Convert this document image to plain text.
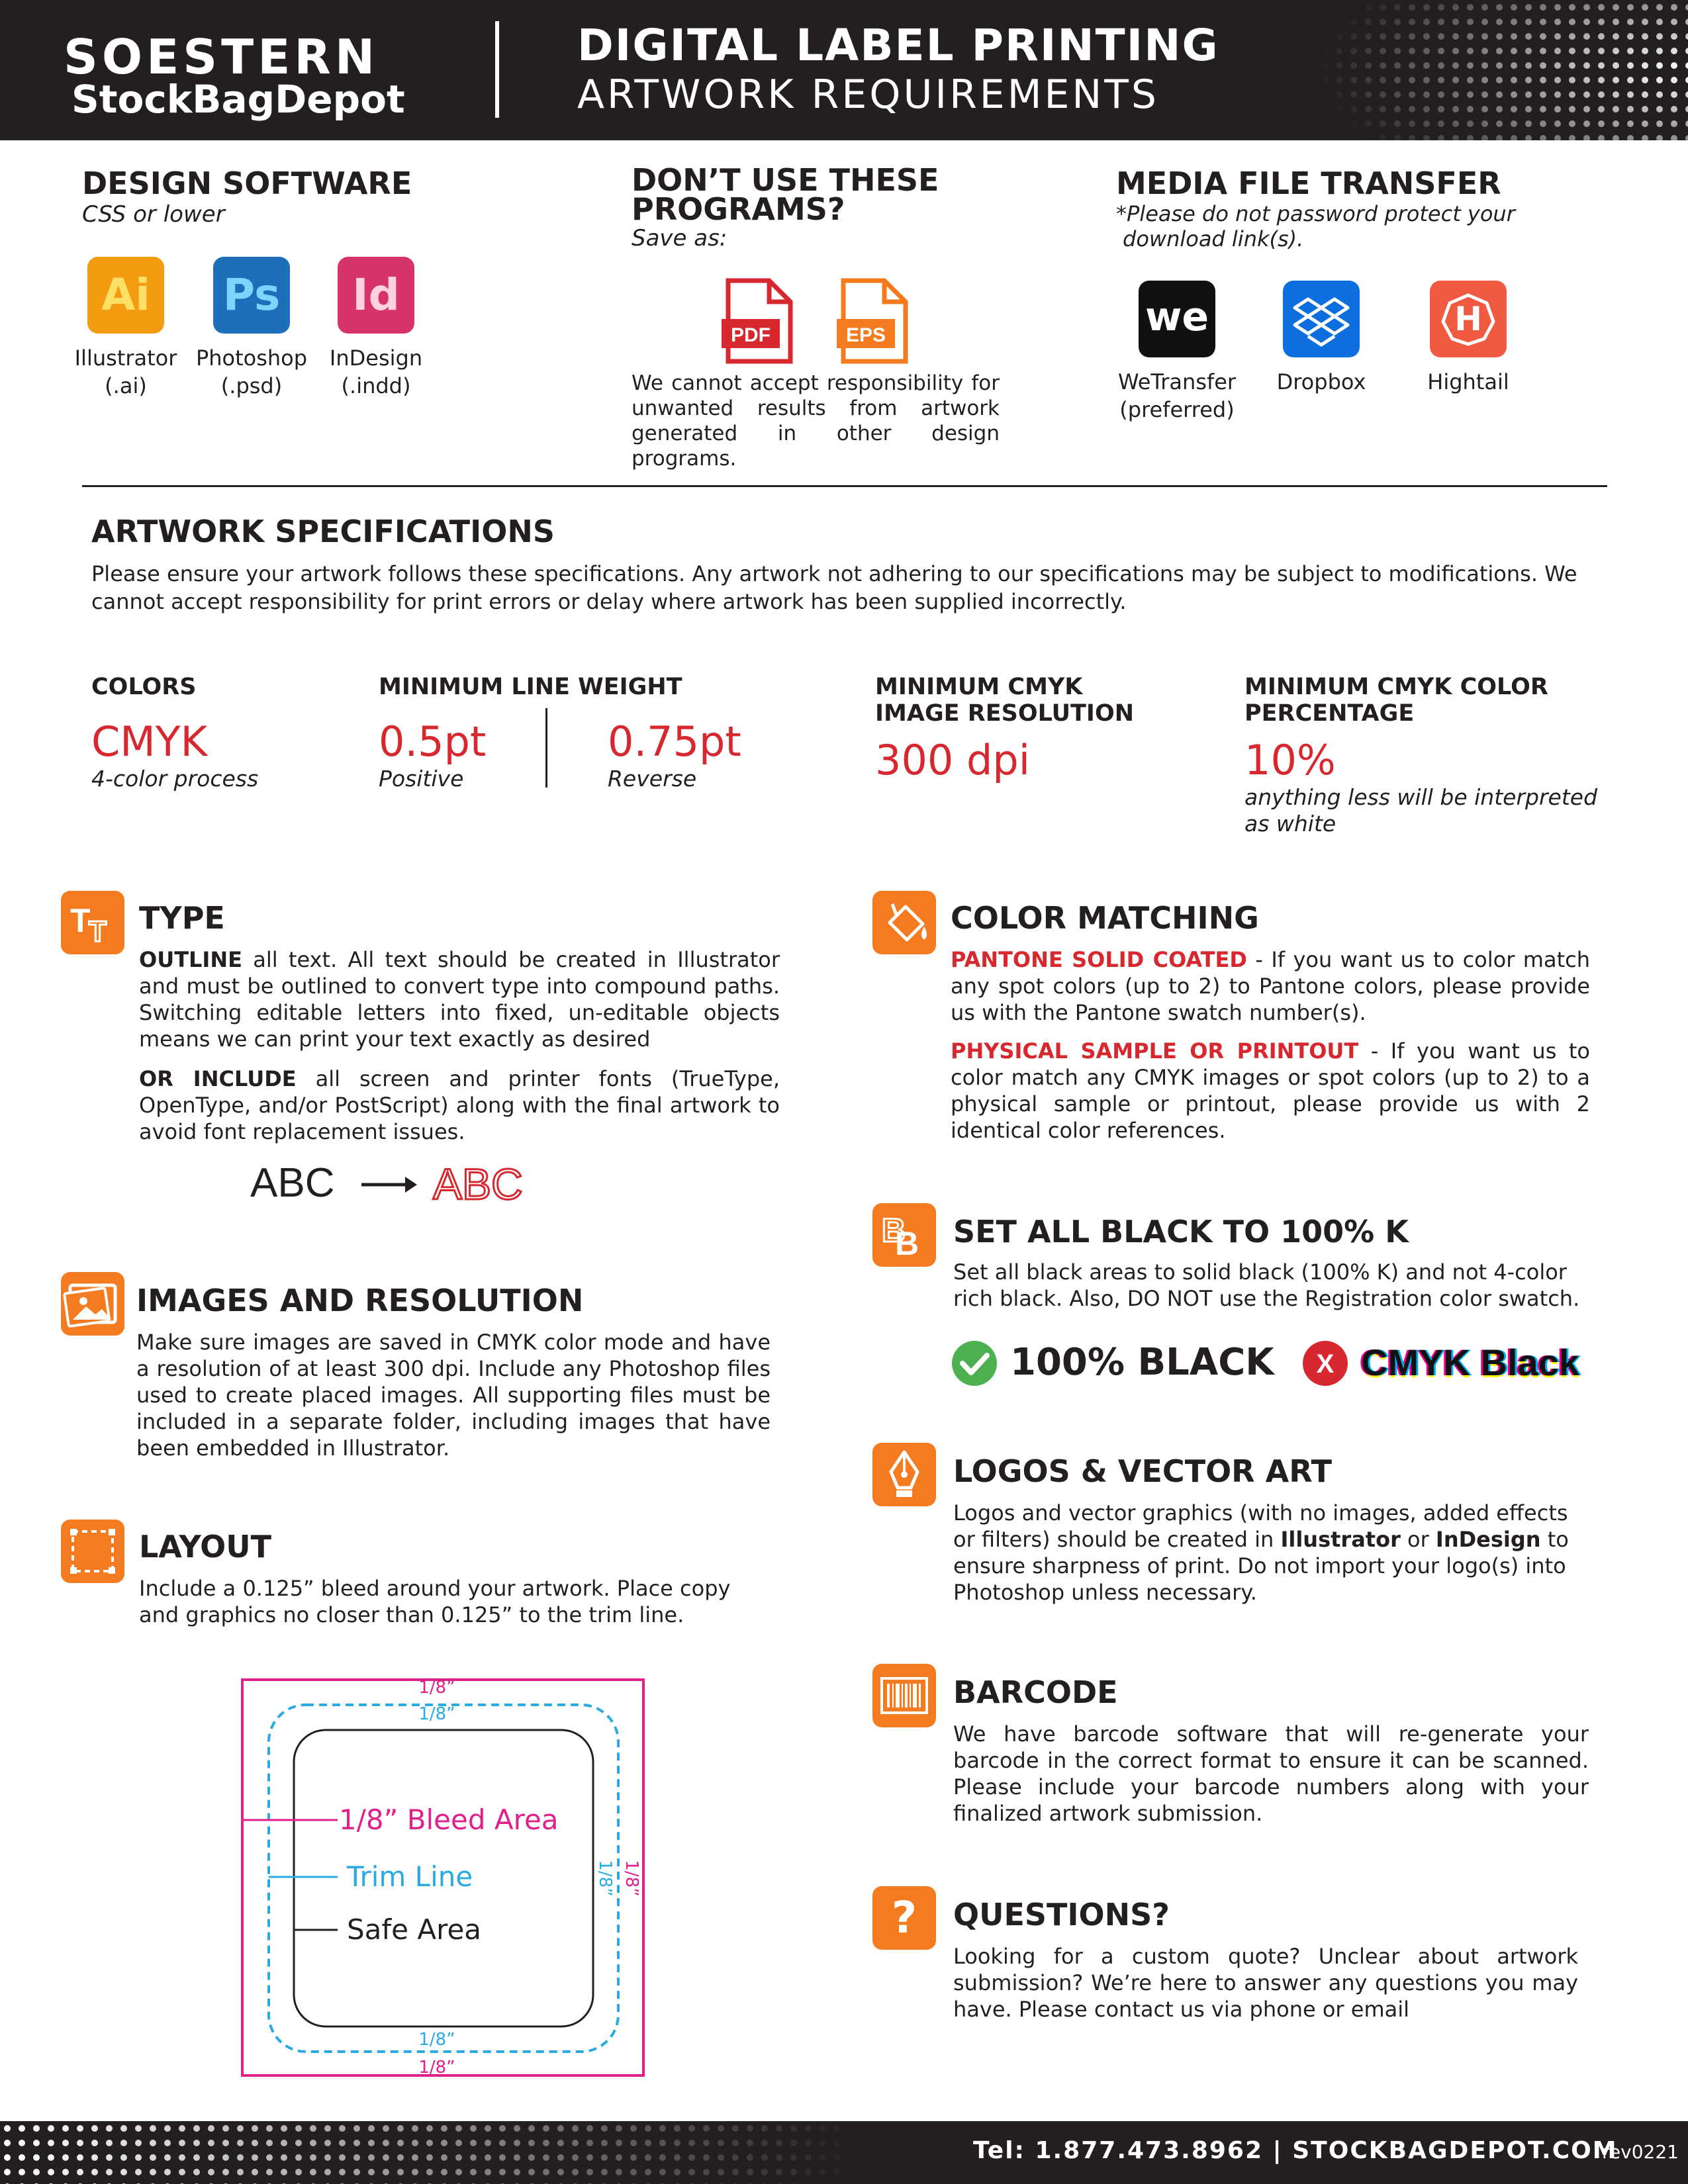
SOESTERN
StockBagDepot
DIGITAL LABEL PRINTING
ARTWORK REQUIREMENTS
DESIGN SOFTWARE
CSS or lower
Ai	Ps	Id
Illustrator
(.ai)
Photoshop
(.psd)
InDesign
(.indd)
DON’T USE THESE
PROGRAMS?
Save as:
PDF	EPS
We cannot accept responsibility for unwanted results from artwork generated in other design programs.
MEDIA FILE TRANSFER
*Please do not password protect your
download link(s).
we	H
WeTransfer
(preferred)
Dropbox	Hightail
ARTWORK SPECIFICATIONS
Please ensure your artwork follows these specifications. Any artwork not adhering to our specifications may be subject to modifications. We cannot accept responsibility for print errors or delay where artwork has been supplied incorrectly.
COLORS
CMYK
4-color process
MINIMUM LINE WEIGHT
0.5pt
Positive
0.75pt
Reverse
MINIMUM CMYK
IMAGE RESOLUTION
300 dpi
MINIMUM CMYK COLOR
PERCENTAGE
10%
anything less will be interpreted
as white
T
T TYPE
OUTLINE all text. All text should be created in Illustrator and must be outlined to convert type into compound paths. Switching editable letters into fixed, un-editable objects means we can print your text exactly as desired
OR INCLUDE all screen and printer fonts (TrueType, OpenType, and/or PostScript) along with the final artwork to avoid font replacement issues.
ABC ABC
IMAGES AND RESOLUTION
Make sure images are saved in CMYK color mode and have a resolution of at least 300 dpi. Include any Photoshop files used to create placed images. All supporting files must be included in a separate folder, including images that have been embedded in Illustrator.
LAYOUT
Include a 0.125” bleed around your artwork. Place copy and graphics no closer than 0.125” to the trim line.
1/8”
1/8”
1/8”
1/8”
1/8” 1/8”
1/8” Bleed Area
Trim Line
Safe Area
COLOR MATCHING
PANTONE SOLID COATED - If you want us to color match any spot colors (up to 2) to Pantone colors, please provide us with the Pantone swatch number(s).
PHYSICAL SAMPLE OR PRINTOUT - If you want us to color match any CMYK images or spot colors (up to 2) to a physical sample or printout, please provide us with 2 identical color references.
B
B SET ALL BLACK TO 100% K
Set all black areas to solid black (100% K) and not 4-color rich black. Also, DO NOT use the Registration color swatch.
100% BLACK X CMYK Black
LOGOS & VECTOR ART
Logos and vector graphics (with no images, added effects or filters) should be created in Illustrator or InDesign to ensure sharpness of print. Do not import your logo(s) into Photoshop unless necessary.
BARCODE
We have barcode software that will re-generate your barcode in the correct format to ensure it can be scanned. Please include your barcode numbers along with your finalized artwork submission.
?	QUESTIONS?
Looking for a custom quote? Unclear about artwork submission? We’re here to answer any questions you may have. Please contact us via phone or email
Tel: 1.877.473.8962 | STOCKBAGDEPOT.COM
rev0221
